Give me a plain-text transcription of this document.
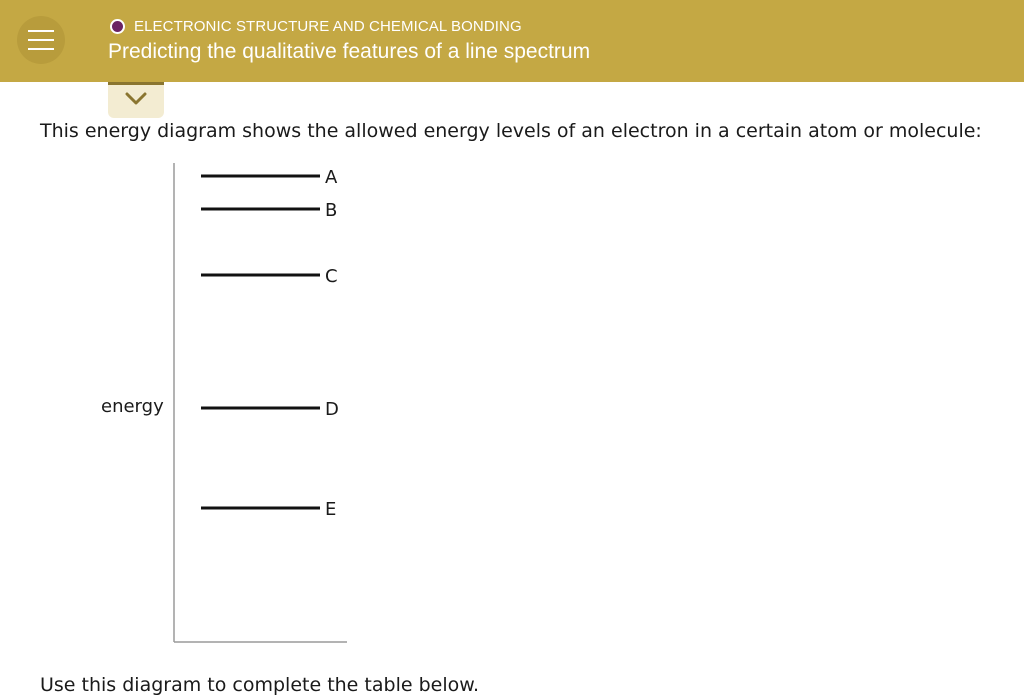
ELECTRONIC STRUCTURE AND CHEMICAL BONDING
Predicting the qualitative features of a line spectrum
This energy diagram shows the allowed energy levels of an electron in a certain atom or molecule:
A
B
C
D
E
energy
Use this diagram to complete the table below.
